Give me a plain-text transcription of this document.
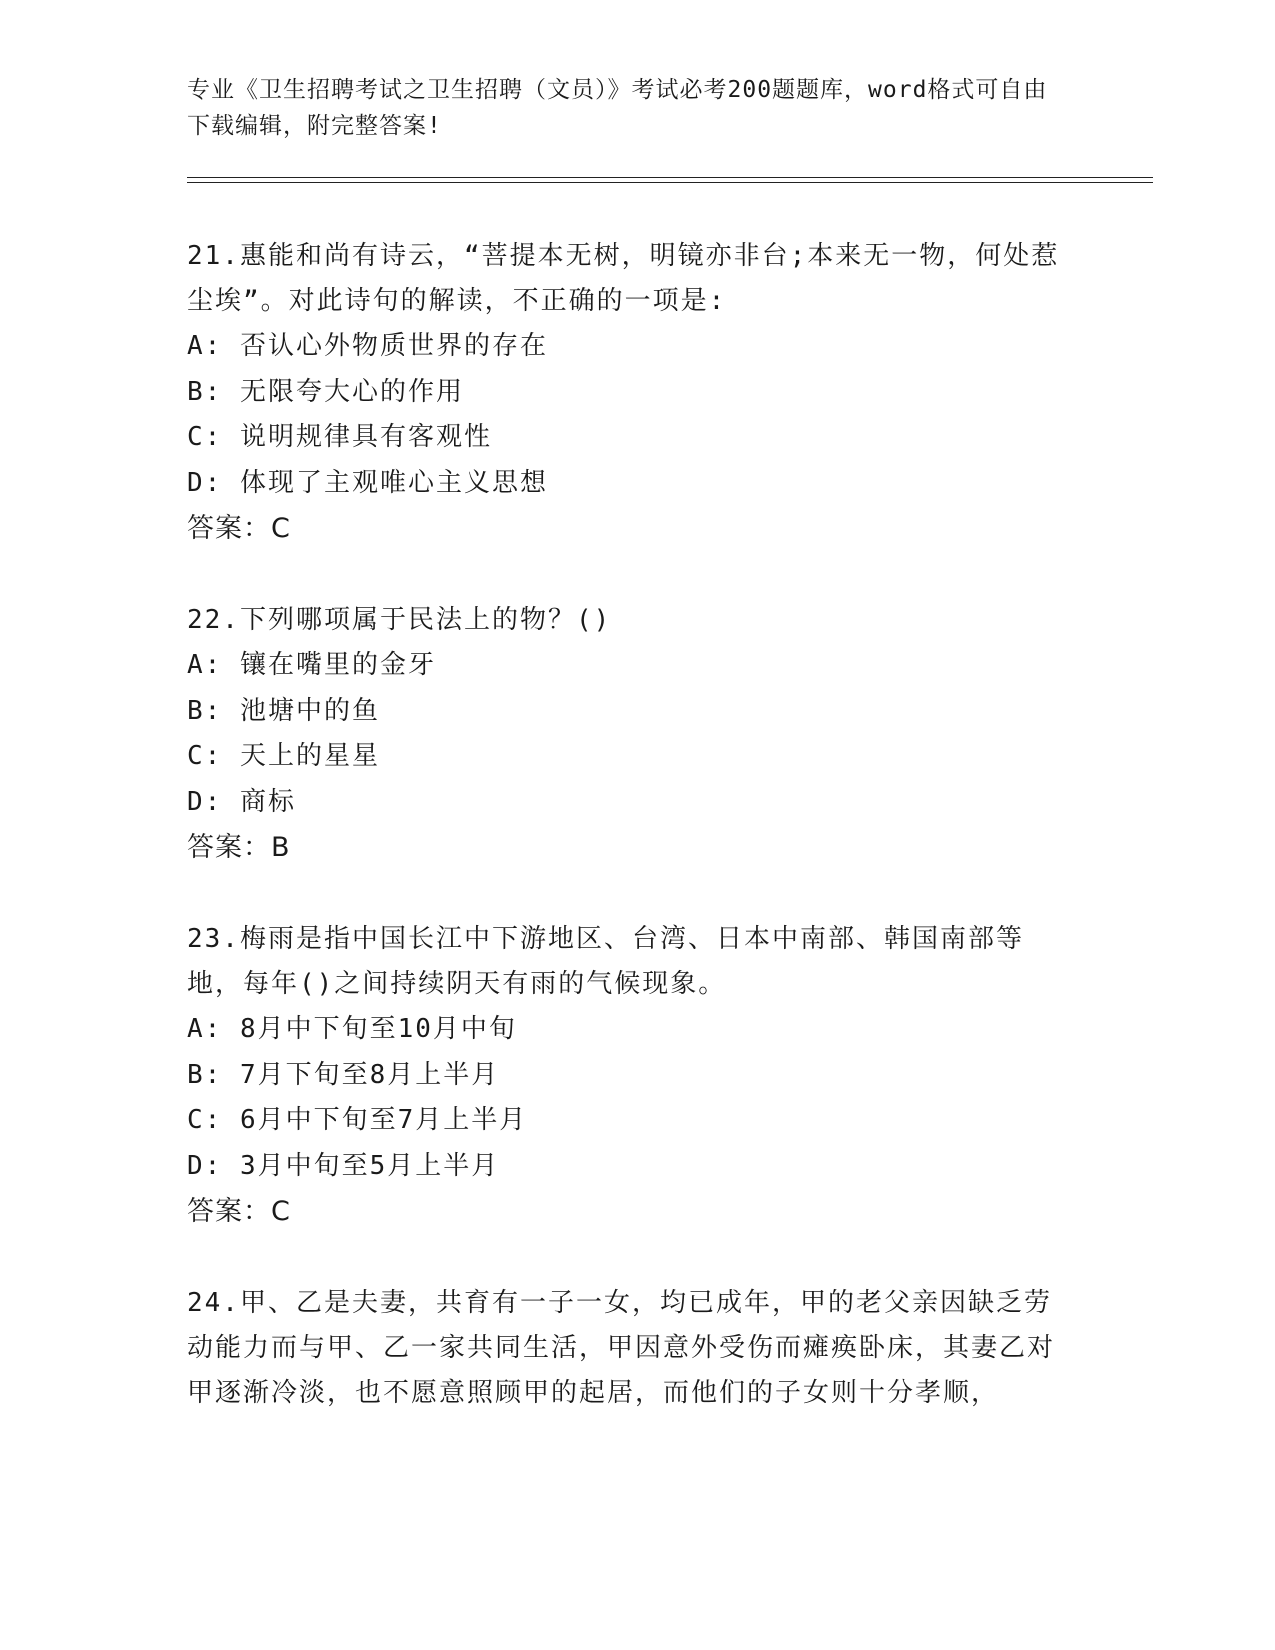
专业《卫生招聘考试之卫生招聘（文员）》考试必考200题题库，word格式可自由下载编辑，附完整答案!
21.惠能和尚有诗云，“菩提本无树，明镜亦非台;本来无一物，何处惹尘埃”。对此诗句的解读，不正确的一项是:
A: 否认心外物质世界的存在
B: 无限夸大心的作用
C: 说明规律具有客观性
D: 体现了主观唯心主义思想
答案：C
22.下列哪项属于民法上的物？()
A: 镶在嘴里的金牙
B: 池塘中的鱼
C: 天上的星星
D: 商标
答案：B
23.梅雨是指中国长江中下游地区、台湾、日本中南部、韩国南部等地，每年()之间持续阴天有雨的气候现象。
A: 8月中下旬至10月中旬
B: 7月下旬至8月上半月
C: 6月中下旬至7月上半月
D: 3月中旬至5月上半月
答案：C
24.甲、乙是夫妻，共育有一子一女，均已成年，甲的老父亲因缺乏劳动能力而与甲、乙一家共同生活，甲因意外受伤而瘫痪卧床，其妻乙对甲逐渐冷淡，也不愿意照顾甲的起居，而他们的子女则十分孝顺，
